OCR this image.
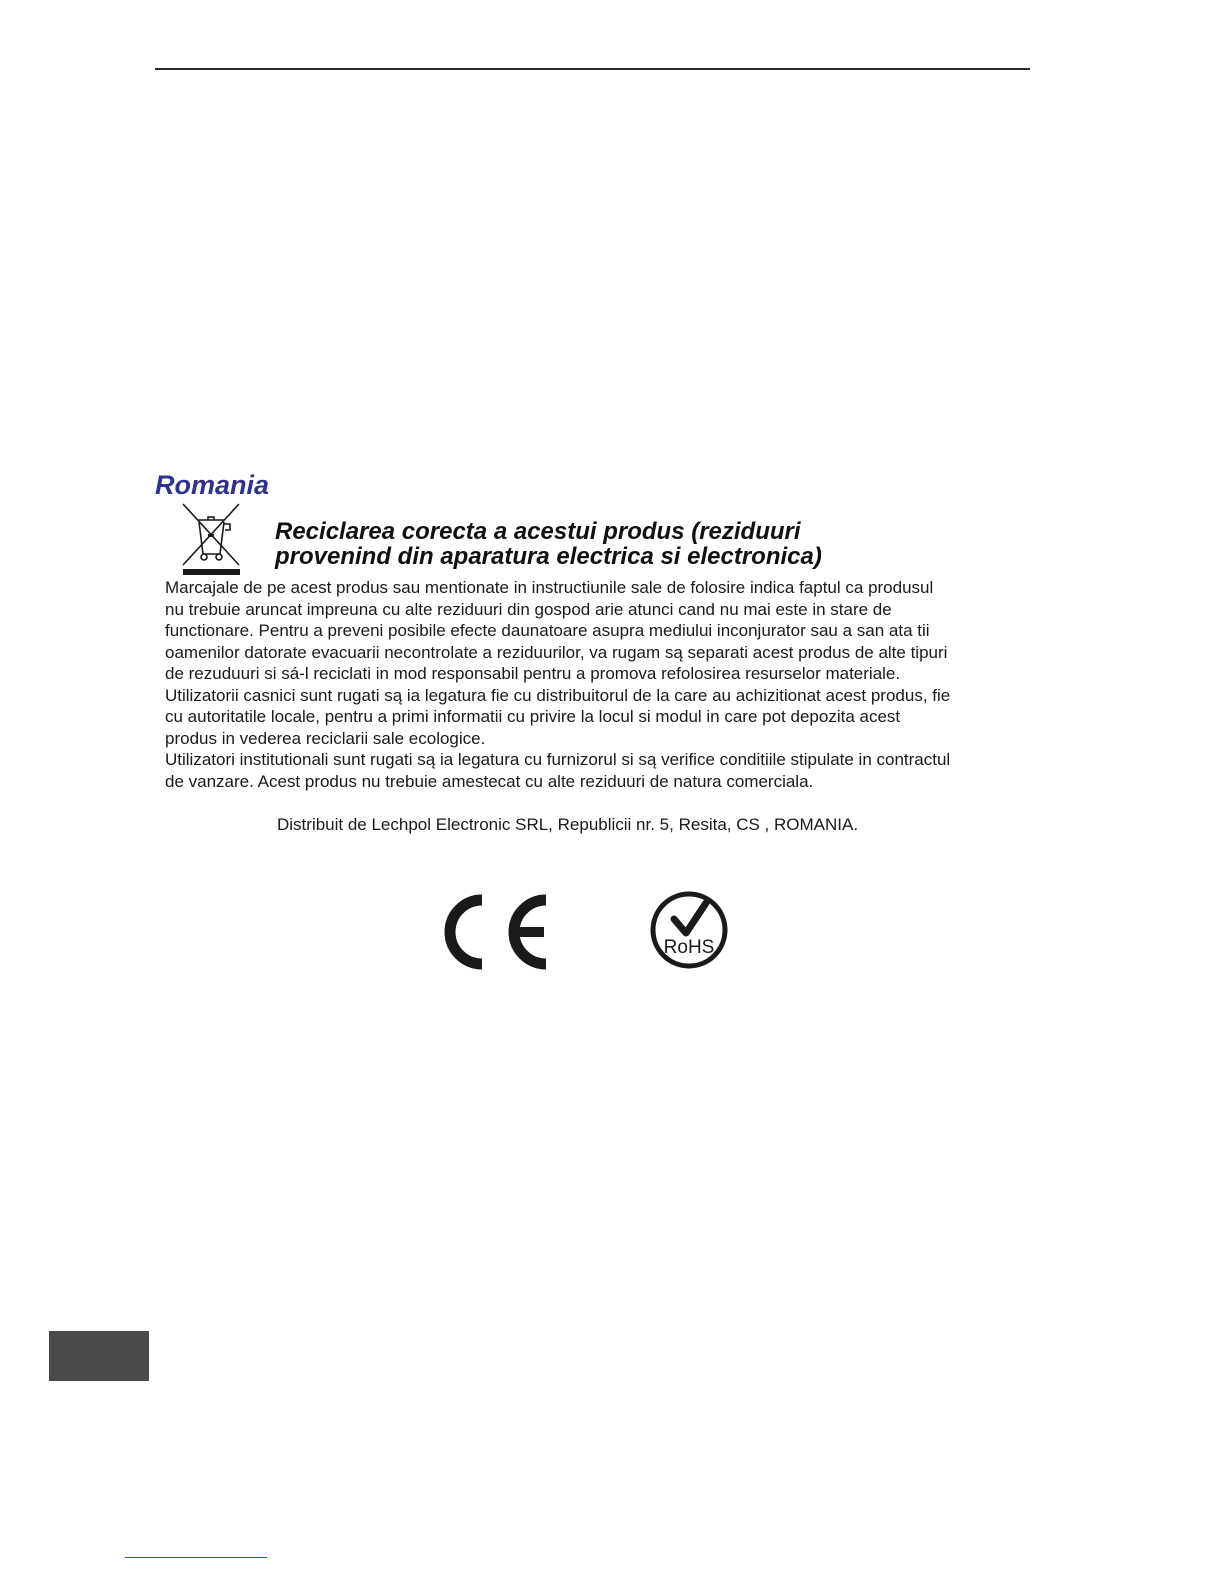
Romania
Reciclarea corecta a acestui produs (reziduuri
provenind din aparatura electrica si electronica)
Marcajale de pe acest produs sau mentionate in instructiunile sale de folosire indica faptul ca produsul
nu trebuie aruncat impreuna cu alte reziduuri din gospod arie atunci cand nu mai este in stare de
functionare. Pentru a preveni posibile efecte daunatoare asupra mediului inconjurator sau a san ata tii
oamenilor datorate evacuarii necontrolate a reziduurilor, va rugam są separati acest produs de alte tipuri
de rezuduuri si sá-l reciclati in mod responsabil pentru a promova refolosirea resurselor materiale.
Utilizatorii casnici sunt rugati są ia legatura fie cu distribuitorul de la care au achizitionat acest produs, fie
cu autoritatile locale, pentru a primi informatii cu privire la locul si modul in care pot depozita acest
produs in vederea reciclarii sale ecologice.
Utilizatori institutionali sunt rugati są ia legatura cu furnizorul si są verifice conditiile stipulate in contractul
de vanzare. Acest produs nu trebuie amestecat cu alte reziduuri de natura comerciala.

Distribuit de Lechpol Electronic SRL, Republicii nr. 5, Resita, CS , ROMANIA.

RoHS
